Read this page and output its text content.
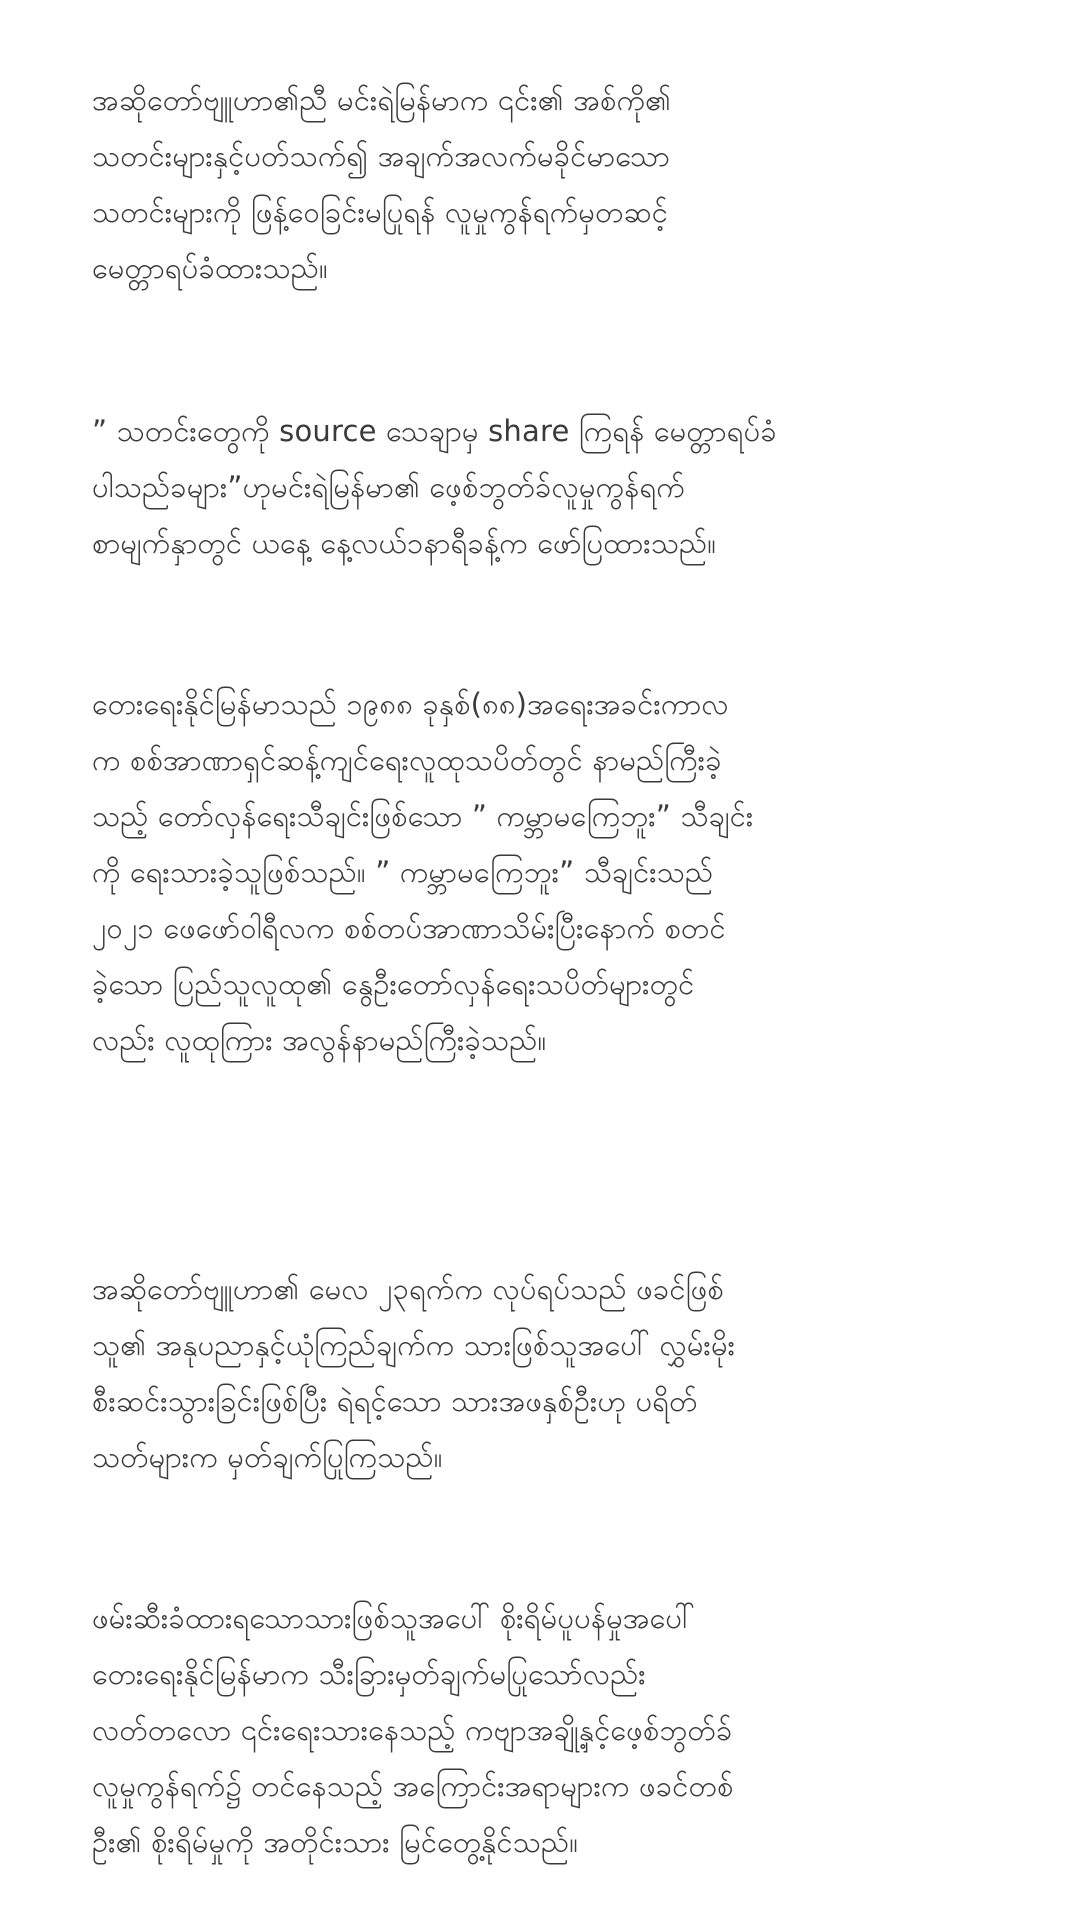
အဆိုတော်ဗျူဟာ၏ညီ မင်းရဲမြန်မာက ၎င်း၏ အစ်ကို၏
သတင်းများနှင့်ပတ်သက်၍ အချက်အလက်မခိုင်မာသော
သတင်းများကို ဖြန့်ဝေခြင်းမပြုရန် လူမှုကွန်ရက်မှတဆင့်
မေတ္တာရပ်ခံထားသည်။
” သတင်းတွေကို source သေချာမှ share ကြရန် မေတ္တာရပ်ခံ
ပါသည်ခများ”ဟုမင်းရဲမြန်မာ၏ ဖေ့စ်ဘွတ်ခ်လူမှုကွန်ရက်
စာမျက်နှာတွင် ယနေ့ နေ့လယ်၁နာရီခန့်က ဖော်ပြထားသည်။
တေးရေးနိုင်မြန်မာသည် ၁၉၈၈ ခုနှစ်(၈၈)အရေးအခင်းကာလ
က စစ်အာဏာရှင်ဆန့်ကျင်ရေးလူထုသပိတ်တွင် နာမည်ကြီးခဲ့
သည့် တော်လှန်ရေးသီချင်းဖြစ်သော ” ကမ္ဘာမကြေဘူး” သီချင်း
ကို ရေးသားခဲ့သူဖြစ်သည်။ ” ကမ္ဘာမကြေဘူး” သီချင်းသည်
၂၀၂၁ ဖေဖော်ဝါရီလက စစ်တပ်အာဏာသိမ်းပြီးနောက် စတင်
ခဲ့သော ပြည်သူလူထု၏ နွေဦးတော်လှန်ရေးသပိတ်များတွင်
လည်း လူထုကြား အလွန်နာမည်ကြီးခဲ့သည်။
အဆိုတော်ဗျူဟာ၏ မေလ ၂၃ရက်က လုပ်ရပ်သည် ဖခင်ဖြစ်
သူ၏ အနုပညာနှင့်ယုံကြည်ချက်က သားဖြစ်သူအပေါ် လွှမ်းမိုး
စီးဆင်းသွားခြင်းဖြစ်ပြီး ရဲရင့်သော သားအဖနှစ်ဦးဟု ပရိတ်
သတ်များက မှတ်ချက်ပြုကြသည်။
ဖမ်းဆီးခံထားရသောသားဖြစ်သူအပေါ် စိုးရိမ်ပူပန်မှုအပေါ်
တေးရေးနိုင်မြန်မာက သီးခြားမှတ်ချက်မပြုသော်လည်း
လတ်တလော ၎င်းရေးသားနေသည့် ကဗျာအချို့နှင့်ဖေ့စ်ဘွတ်ခ်
လူမှုကွန်ရက်၌ တင်နေသည့် အကြောင်းအရာများက ဖခင်တစ်
ဦး၏ စိုးရိမ်မှုကို အတိုင်းသား မြင်တွေ့နိုင်သည်။
